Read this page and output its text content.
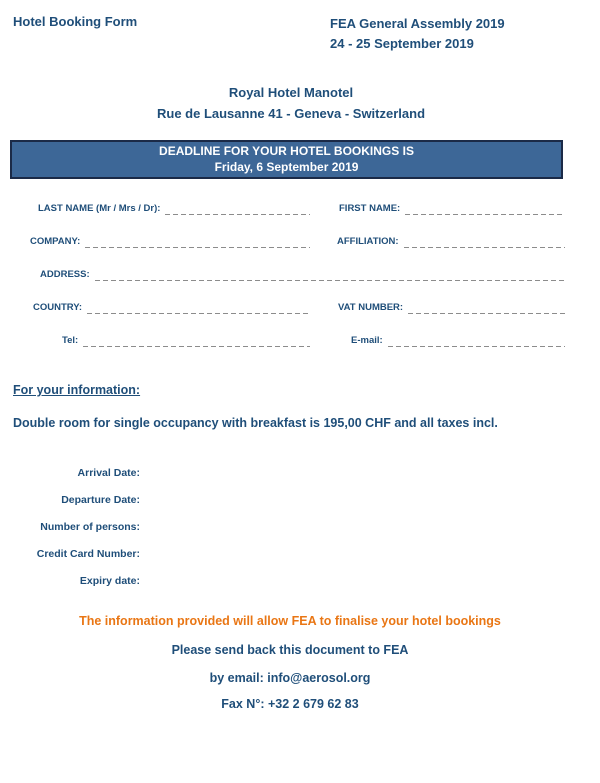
Hotel Booking Form	FEA General Assembly 2019
24 - 25 September 2019
Royal Hotel Manotel
Rue de Lausanne 41 - Geneva - Switzerland
DEADLINE FOR YOUR HOTEL BOOKINGS IS
Friday, 6 September 2019
LAST NAME (Mr / Mrs / Dr):	FIRST NAME:
COMPANY:	AFFILIATION:
ADDRESS:
COUNTRY:	VAT NUMBER:
Tel:	E-mail:
For your information:
Double room for single occupancy with breakfast is 195,00 CHF and all taxes incl.
Arrival Date:
Departure Date:
Number of persons:
Credit Card Number:
Expiry date:
The information provided will allow FEA to finalise your hotel bookings
Please send back this document to FEA
by email: info@aerosol.org
Fax N°: +32 2 679 62 83
